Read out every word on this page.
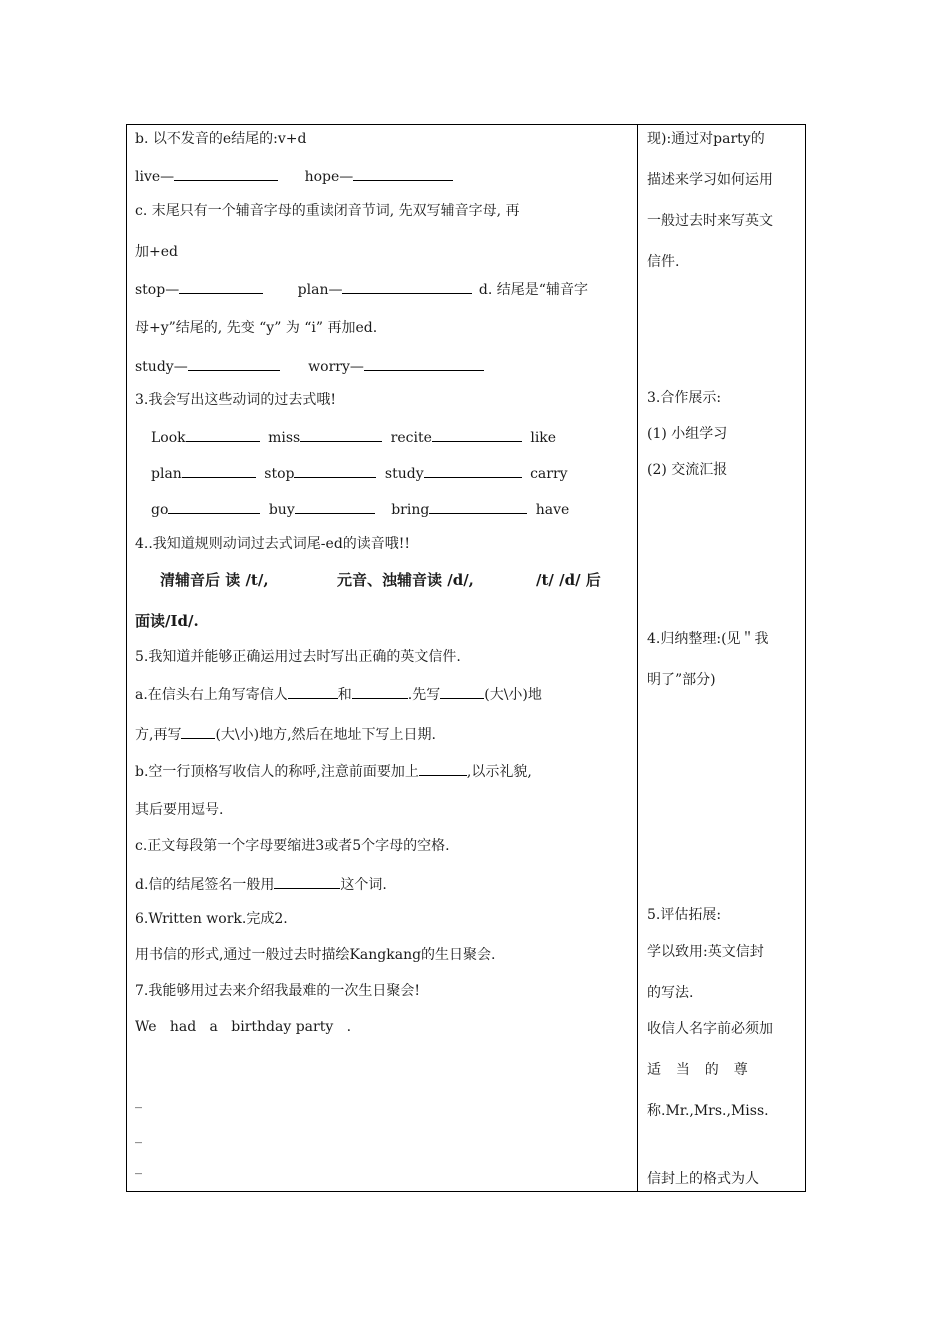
b. 以不发音的e结尾的:v+d
live—	hope—
c. 末尾只有一个辅音字母的重读闭音节词, 先双写辅音字母, 再
加+ed
stop—	plan—	d. 结尾是“辅音字
母+y”结尾的, 先变 “y” 为 “i” 再加ed.
study—	worry—
3.我会写出这些动词的过去式哦!
Look	miss	recite	like
plan	stop	study	carry
go	buy	bring	have
4..我知道规则动词过去式词尾-ed的读音哦!!
清辅音后 读 /t/,	元音、浊辅音读 /d/,	/t/ /d/ 后
面读/Id/.
5.我知道并能够正确运用过去时写出正确的英文信件.
a.在信头右上角写寄信人	和	.先写	(大\小)地
方,再写 (大\小)地方,然后在地址下写上日期.
b.空一行顶格写收信人的称呼,注意前面要加上	,以示礼貌,
其后要用逗号.
c.正文每段第一个字母要缩进3或者5个字母的空格.
d.信的结尾签名一般用	这个词.
6.Written work.完成2.
用书信的形式,通过一般过去时描绘Kangkang的生日聚会.
7.我能够用过去来介绍我最难的一次生日聚会!
We   had   a   birthday party   .
_
_
_
现):通过对party的
描述来学习如何运用
一般过去时来写英文
信件.
3.合作展示:
(1) 小组学习
(2) 交流汇报
4.归纳整理:(见＂我
明了”部分)
5.评估拓展:
学以致用:英文信封
的写法.
收信人名字前必须加
适  当  的  尊
称.Mr.,Mrs.,Miss.
信封上的格式为人
